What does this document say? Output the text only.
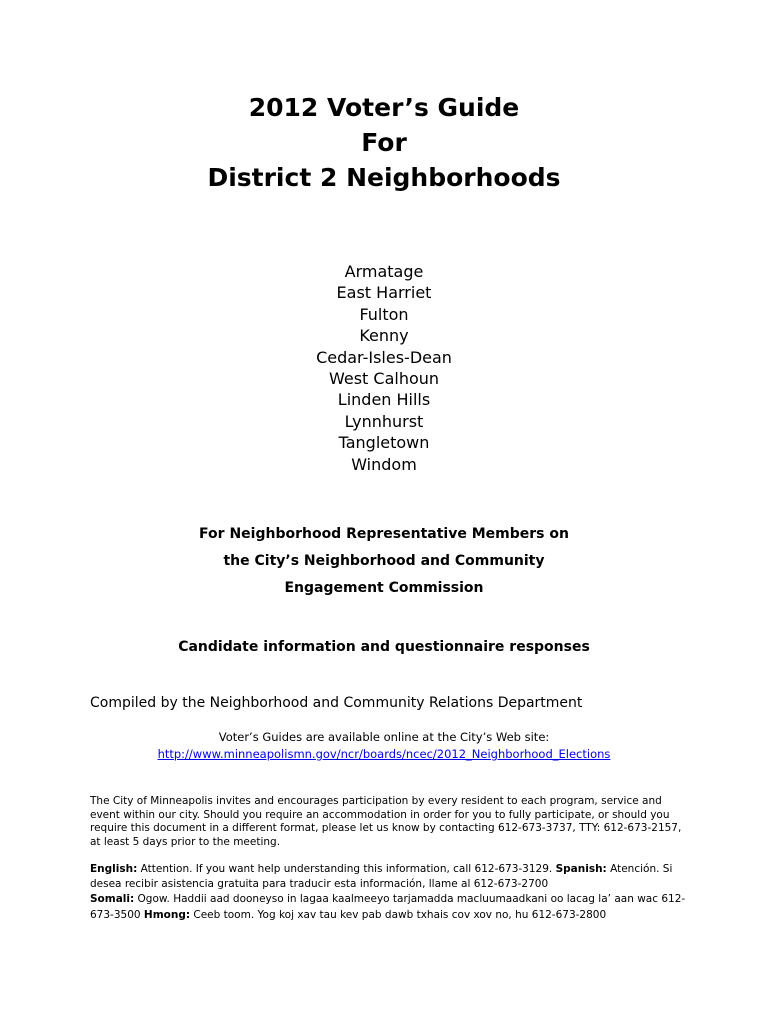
2012 Voter’s Guide
For
District 2 Neighborhoods
Armatage
East Harriet
Fulton
Kenny
Cedar-Isles-Dean
West Calhoun
Linden Hills
Lynnhurst
Tangletown
Windom
For Neighborhood Representative Members on
the City’s Neighborhood and Community
Engagement Commission
Candidate information and questionnaire responses
Compiled by the Neighborhood and Community Relations Department
Voter’s Guides are available online at the City’s Web site:
http://www.minneapolismn.gov/ncr/boards/ncec/2012_Neighborhood_Elections
The City of Minneapolis invites and encourages participation by every resident to each program, service and event within our city. Should you require an accommodation in order for you to fully participate, or should you require this document in a different format, please let us know by contacting 612-673-3737, TTY: 612-673-2157, at least 5 days prior to the meeting.
English: Attention. If you want help understanding this information, call 612-673-3129. Spanish: Atención. Si desea recibir asistencia gratuita para traducir esta información, llame al 612-673-2700
Somali: Ogow. Haddii aad dooneyso in lagaa kaalmeeyo tarjamadda macluumaadkani oo lacag la’ aan wac 612-673-3500 Hmong: Ceeb toom. Yog koj xav tau kev pab dawb txhais cov xov no, hu 612-673-2800
